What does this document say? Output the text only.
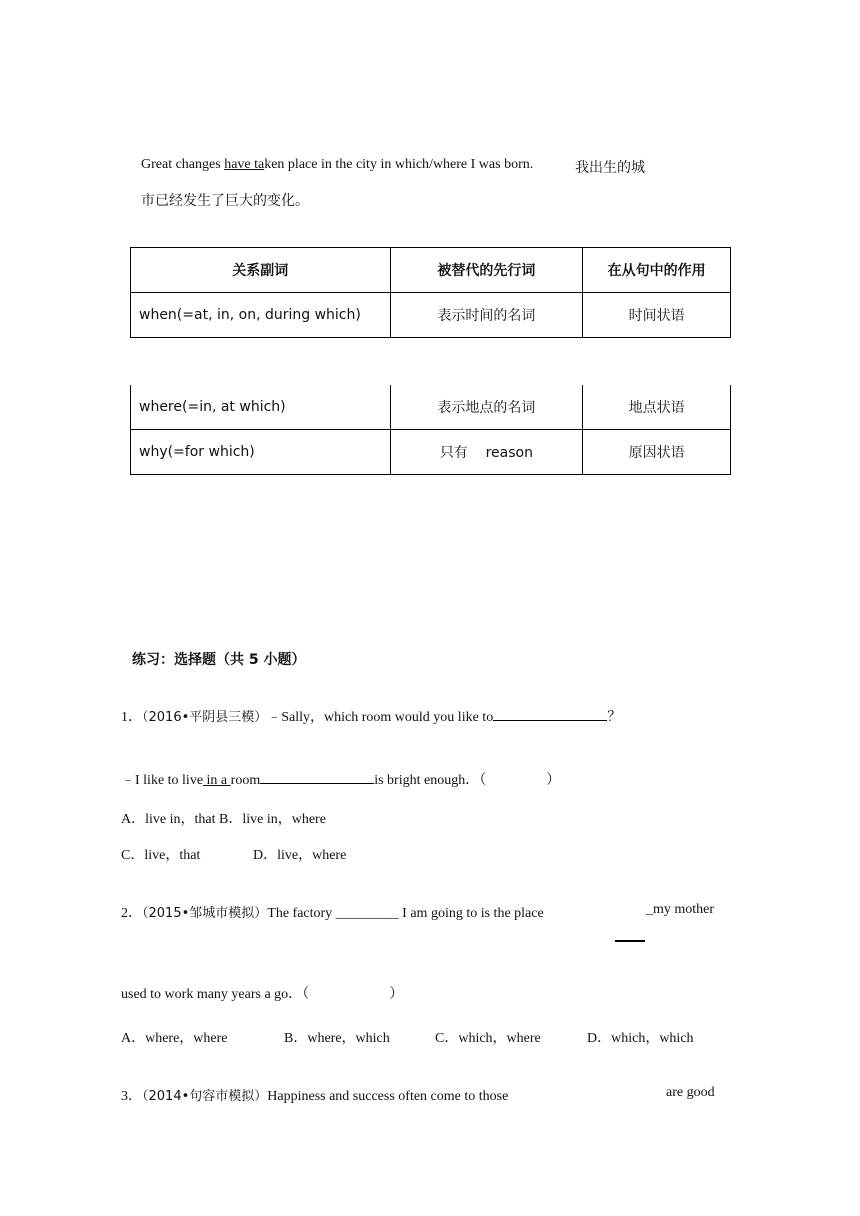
Great changes have taken place in the city in which/where I was born.	我出生的城
市已经发生了巨大的变化。
关系副词	被替代的先行词	在从句中的作用
when(=at, in, on, during which)	表示时间的名词	时间状语
where(=in, at which)	表示地点的名词	地点状语
why(=for which)	只有    reason	原因状语
练习：选择题（共 5 小题）
1．（2016•平阴县三模）﹣Sally，which room would you like to	？
﹣I like to live in a room	is bright enough．（	）
A．live in，that B．live in，where
C．live，that	D．live，where
2．（2015•邹城市模拟）The factory _________ I am going to is the place	_my mother
used to work many years a go．（	）
A．where，where	B．where，which	C．which，where	D．which，which
3．（2014•句容市模拟）Happiness and success often come to those	are good
